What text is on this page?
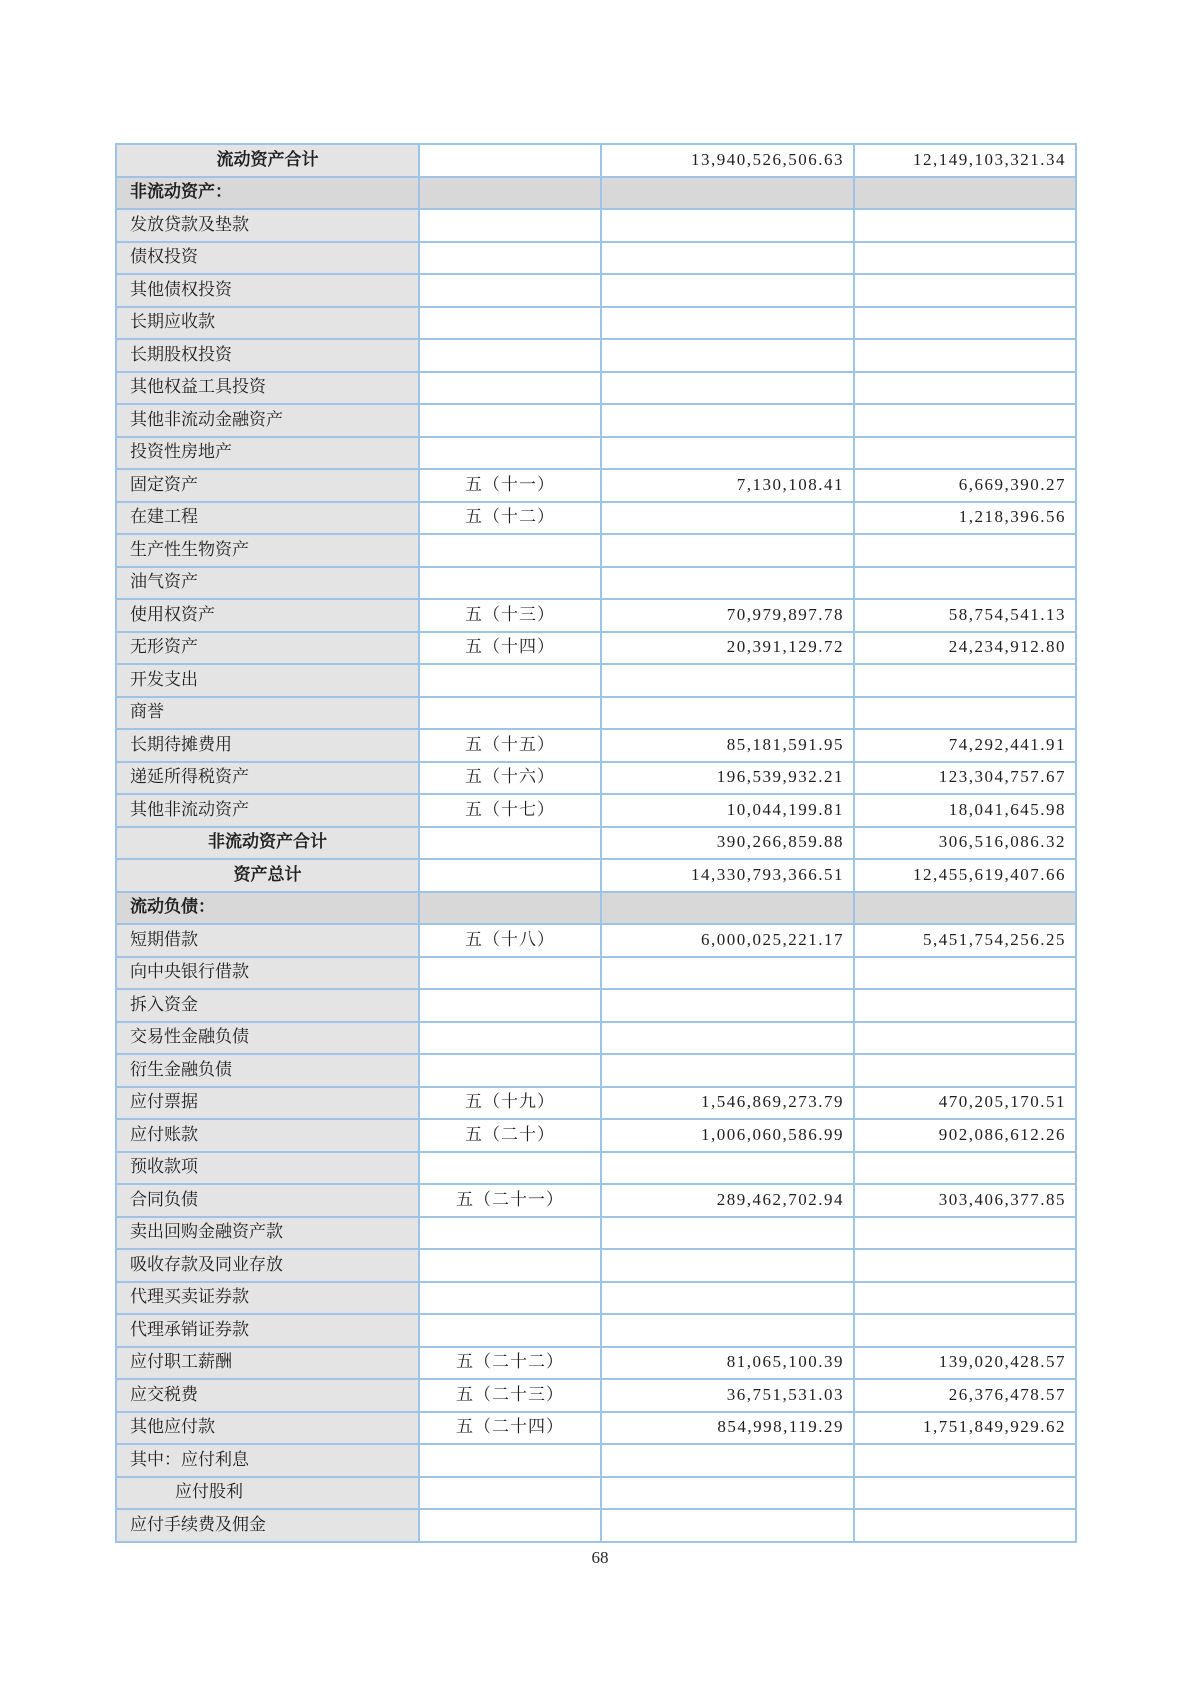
流动资产合计		13,940,526,506.63	12,149,103,321.34
非流动资产：			
发放贷款及垫款			
债权投资			
其他债权投资			
长期应收款			
长期股权投资			
其他权益工具投资			
其他非流动金融资产			
投资性房地产			
固定资产	五（十一）	7,130,108.41	6,669,390.27
在建工程	五（十二）		1,218,396.56
生产性生物资产			
油气资产			
使用权资产	五（十三）	70,979,897.78	58,754,541.13
无形资产	五（十四）	20,391,129.72	24,234,912.80
开发支出			
商誉			
长期待摊费用	五（十五）	85,181,591.95	74,292,441.91
递延所得税资产	五（十六）	196,539,932.21	123,304,757.67
其他非流动资产	五（十七）	10,044,199.81	18,041,645.98
非流动资产合计		390,266,859.88	306,516,086.32
资产总计		14,330,793,366.51	12,455,619,407.66
流动负债：			
短期借款	五（十八）	6,000,025,221.17	5,451,754,256.25
向中央银行借款			
拆入资金			
交易性金融负债			
衍生金融负债			
应付票据	五（十九）	1,546,869,273.79	470,205,170.51
应付账款	五（二十）	1,006,060,586.99	902,086,612.26
预收款项			
合同负债	五（二十一）	289,462,702.94	303,406,377.85
卖出回购金融资产款			
吸收存款及同业存放			
代理买卖证券款			
代理承销证券款			
应付职工薪酬	五（二十二）	81,065,100.39	139,020,428.57
应交税费	五（二十三）	36,751,531.03	26,376,478.57
其他应付款	五（二十四）	854,998,119.29	1,751,849,929.62
其中：应付利息			
应付股利			
应付手续费及佣金			
68
